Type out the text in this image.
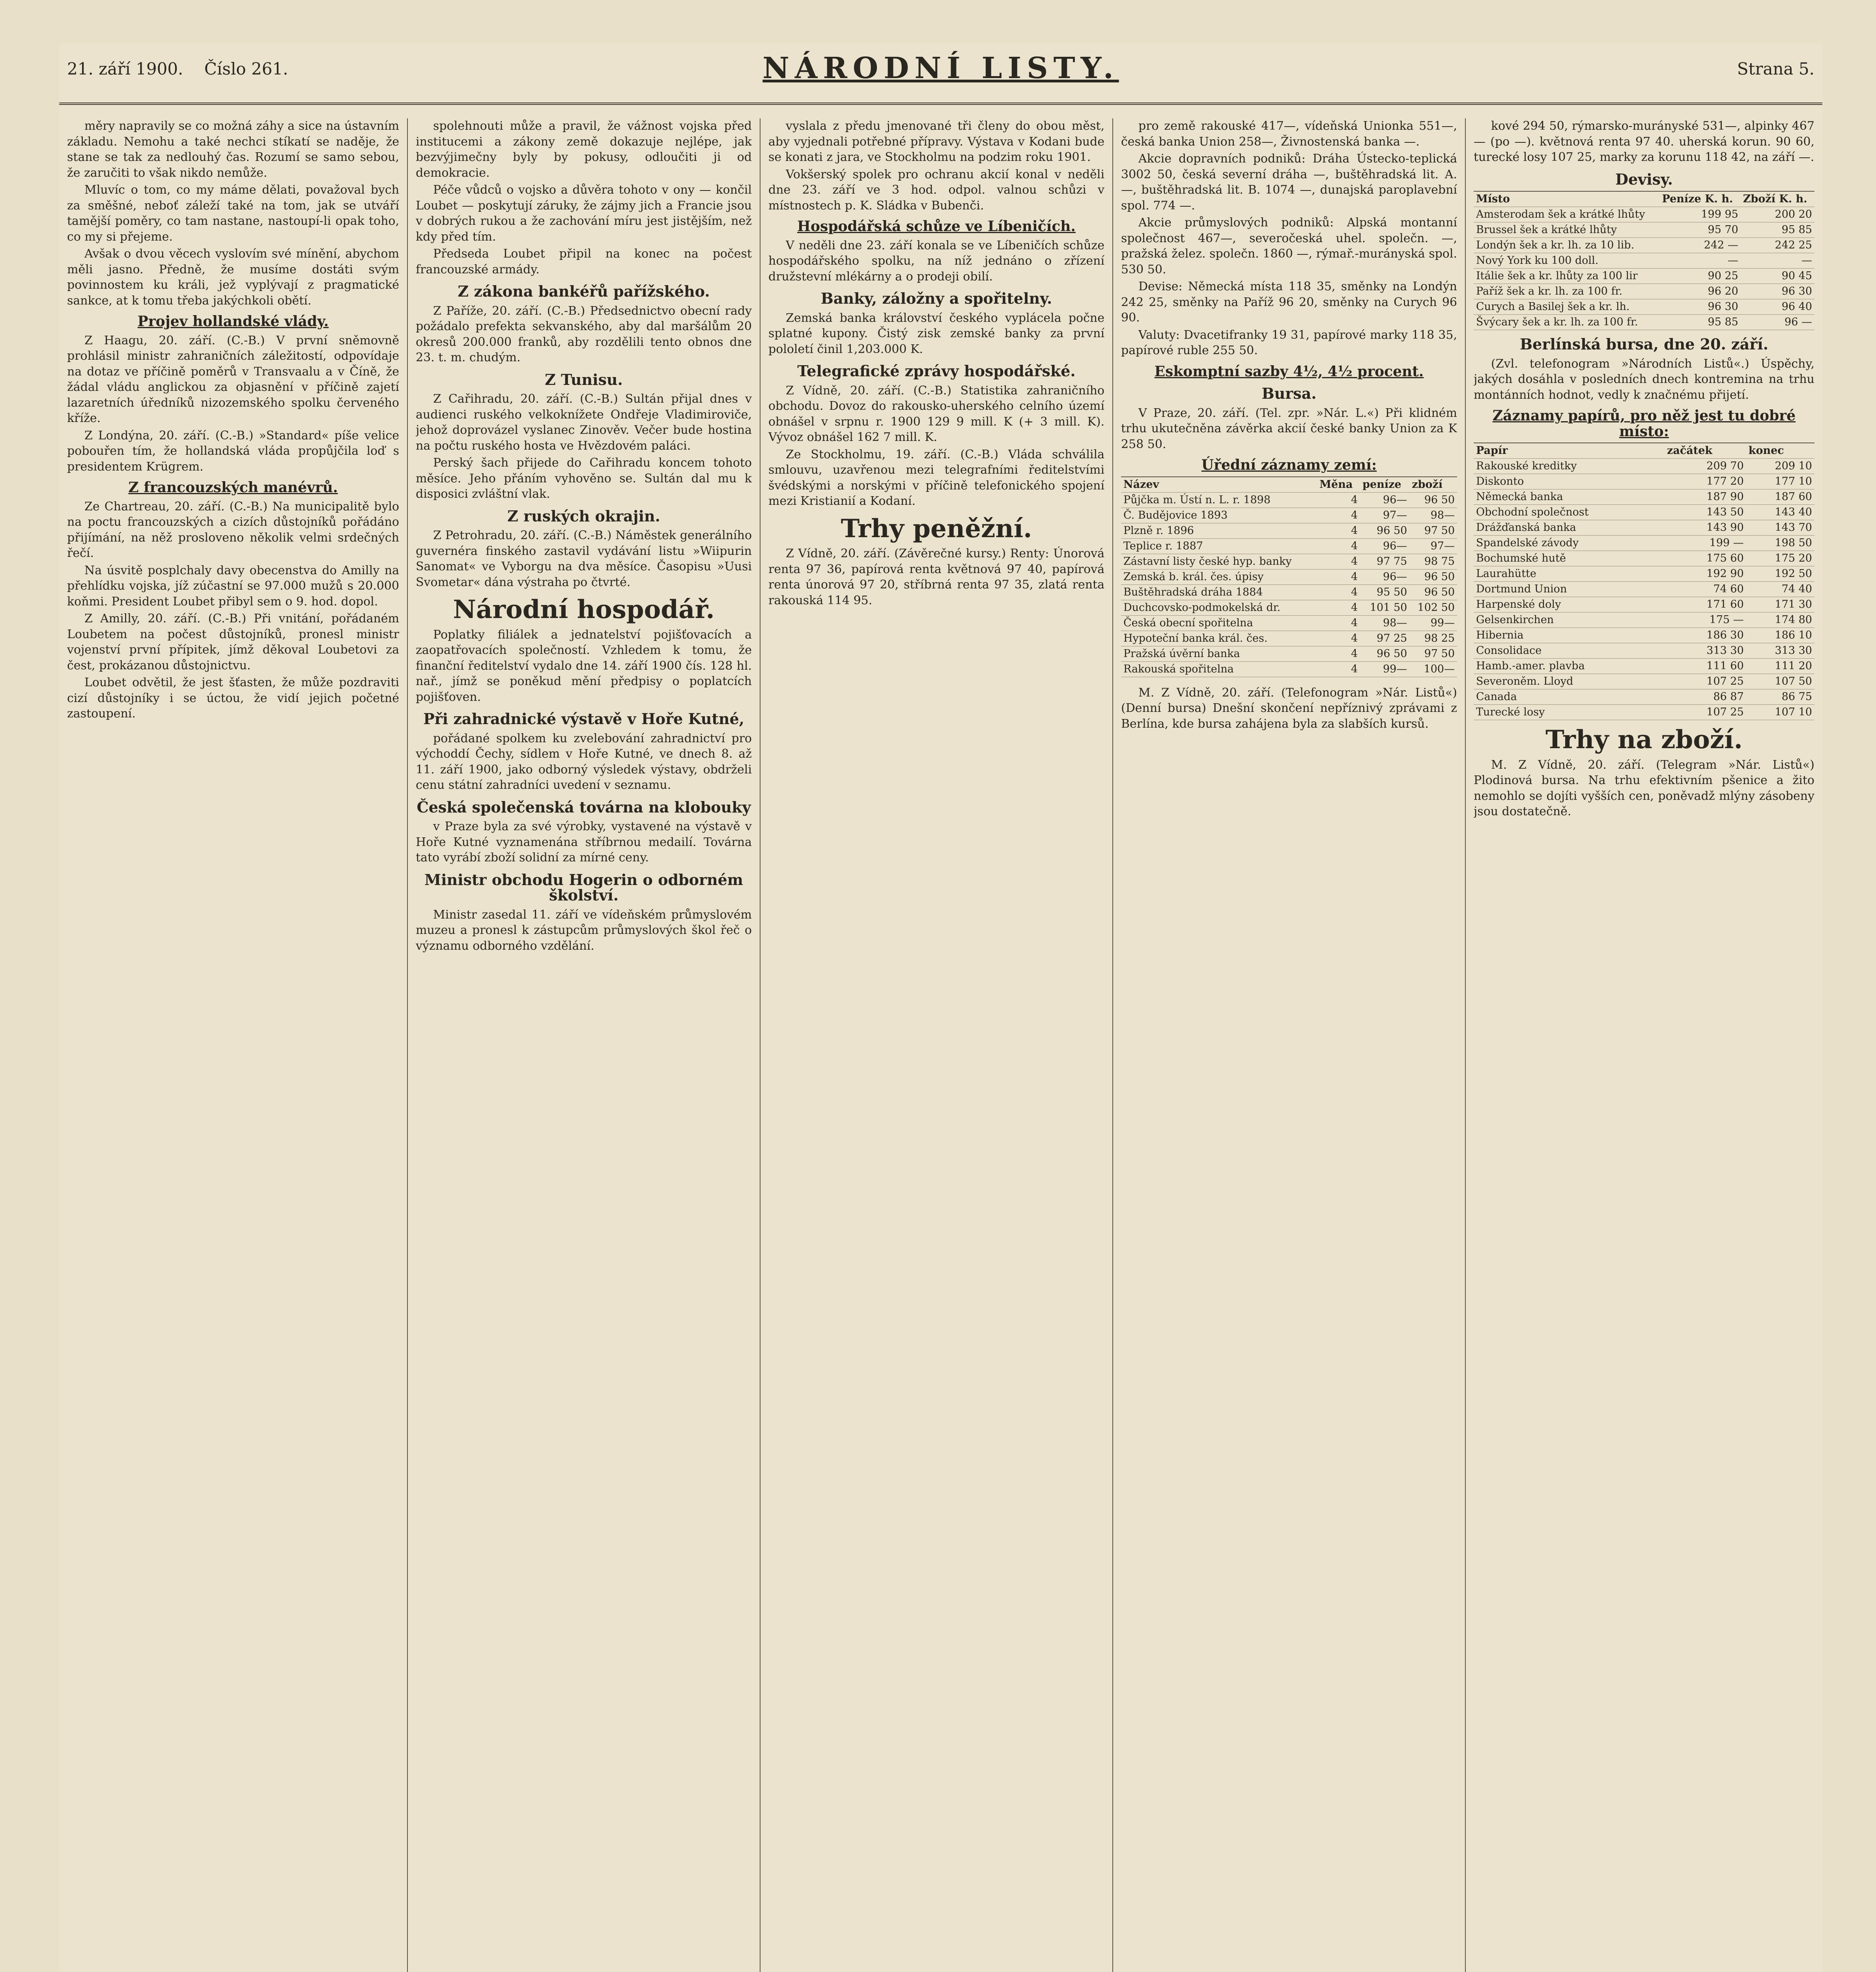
21. září 1900. Číslo 261.	NÁRODNÍ LISTY.	Strana 5.

měry napravily se co možná záhy a sice na ústavním základu. Nemohu a také nechci stíkatí se naděje, že stane se tak za nedlouhý čas. Rozumí se samo sebou, že zaručiti to však nikdo nemůže.

Mluvíc o tom, co my máme dělati, považoval bych za směšné, neboť záleží také na tom, jak se utváří tamější poměry, co tam nastane, nastoupí-li opak toho, co my si přejeme.

Avšak o dvou věcech vyslovím své mínění, abychom měli jasno. Předně, že musíme dostáti svým povinnostem ku králi, jež vyplývají z pragmatické sankce, at k tomu třeba jakýchkoli obětí.

Projev hollandské vlády.

Z Haagu, 20. září. (C.-B.) V první sněmovně prohlásil ministr zahraničních záležitostí, odpovídaje na dotaz ve příčině poměrů v Transvaalu a v Číně, že žádal vládu anglickou za objasnění v příčině zajetí lazaretních úředníků nizozemského spolku červeného kříže.

Z Londýna, 20. září. (C.-B.) »Standard« píše velice pobouřen tím, že hollandská vláda propůjčila loď s presidentem Krügrem.

Z francouzských manévrů.

Ze Chartreau, 20. září. (C.-B.) Na municipalitě bylo na poctu francouzských a cizích důstojníků pořádáno přijímání, na něž prosloveno několik velmi srdečných řečí.

Na úsvitě posplchaly davy obecenstva do Amilly na přehlídku vojska, jíž zúčastní se 97.000 mužů s 20.000 koňmi. President Loubet přibyl sem o 9. hod. dopol.

Z Amilly, 20. září. (C.-B.) Při vnitání, pořádaném Loubetem na počest důstojníků, pronesl ministr vojenství první přípitek, jímž děkoval Loubetovi za čest, prokázanou důstojnictvu.

Loubet odvětil, že jest šťasten, že může pozdraviti cizí důstojníky i se úctou, že vidí jejich početné zastoupení.

spolehnouti může a pravil, že vážnost vojska před institucemi a zákony země dokazuje nejlépe, jak bezvýjimečny byly by pokusy, odloučiti ji od demokracie.

Péče vůdců o vojsko a důvěra tohoto v ony — končil Loubet — poskytují záruky, že zájmy jich a Francie jsou v dobrých rukou a že zachování míru jest jistějším, než kdy před tím.

Předseda Loubet připil na konec na počest francouzské armády.

Z zákona bankéřů pařížského.

Z Paříže, 20. září. (C.-B.) Předsednictvo obecní rady požádalo prefekta sekvanského, aby dal maršálům 20 okresů 200.000 franků, aby rozdělili tento obnos dne 23. t. m. chudým.

Z Tunisu.

Z Cařihradu, 20. září. (C.-B.) Sultán přijal dnes v audienci ruského velkoknížete Ondřeje Vladimiroviče, jehož doprovázel vyslanec Zinověv. Večer bude hostina na počtu ruského hosta ve Hvězdovém paláci.

Perský šach přijede do Cařihradu koncem tohoto měsíce. Jeho přáním vyhověno se. Sultán dal mu k disposici zvláštní vlak.

Z ruských okrajin.

Z Petrohradu, 20. září. (C.-B.) Náměstek generálního guvernéra finského zastavil vydávání listu »Wiipurin Sanomat« ve Vyborgu na dva měsíce. Časopisu »Uusi Svometar« dána výstraha po čtvrté.

Národní hospodář.

Poplatky filiálek a jednatelství pojišťovacích a zaopatřovacích společností. Vzhledem k tomu, že finanční ředitelství vydalo dne 14. září 1900 čís. 128 hl. nař., jímž se poněkud mění předpisy o poplatcích pojišťoven.

Při zahradnické výstavě v Hoře Kutné,

pořádané spolkem ku zvelebování zahradnictví pro východdí Čechy, sídlem v Hoře Kutné, ve dnech 8. až 11. září 1900, jako odborný výsledek výstavy, obdrželi cenu státní zahradníci uvedení v seznamu.

Česká společenská továrna na klobouky

v Praze byla za své výrobky, vystavené na výstavě v Hoře Kutné vyznamenána stříbrnou medailí. Továrna tato vyrábí zboží solidní za mírné ceny.

Ministr obchodu Hogerin o odborném školství.

Ministr zasedal 11. září ve vídeňském průmyslovém muzeu a pronesl k zástupcům průmyslových škol řeč o významu odborného vzdělání.

vyslala z předu jmenované tři členy do obou měst, aby vyjednali potřebné přípravy. Výstava v Kodani bude se konati z jara, ve Stockholmu na podzim roku 1901.

Vokšerský spolek pro ochranu akcií konal v neděli dne 23. září ve 3 hod. odpol. valnou schůzi v místnostech p. K. Sládka v Bubenči.

Hospodářská schůze ve Líbeničích.

V neděli dne 23. září konala se ve Líbeničích schůze hospodářského spolku, na níž jednáno o zřízení družstevní mlékárny a o prodeji obilí.

Banky, záložny a spořitelny.

Zemská banka království českého vyplácela počne splatné kupony. Čistý zisk zemské banky za první pololetí činil 1,203.000 K.

Telegrafické zprávy hospodářské.

Z Vídně, 20. září. (C.-B.) Statistika zahraničního obchodu. Dovoz do rakousko-uherského celního území obnášel v srpnu r. 1900 129 9 mill. K (+ 3 mill. K). Vývoz obnášel 162 7 mill. K.

Ze Stockholmu, 19. září. (C.-B.) Vláda schválila smlouvu, uzavřenou mezi telegrafními ředitelstvími švédskými a norskými v příčině telefonického spojení mezi Kristianií a Kodaní.

Trhy peněžní.

Z Vídně, 20. září. (Závěrečné kursy.) Renty: Únorová renta 97 36, papírová renta květnová 97 40, papírová renta únorová 97 20, stříbrná renta 97 35, zlatá renta rakouská 114 95.

pro země rakouské 417—, vídeňská Unionka 551—, česká banka Union 258—, Živnostenská banka —.

Akcie dopravních podniků: Dráha Ústecko-teplická 3002 50, česká severní dráha —, buštěhradská lit. A. —, buštěhradská lit. B. 1074 —, dunajská paroplavební spol. 774 —.

Akcie průmyslových podniků: Alpská montanní společnost 467—, severočeská uhel. společn. —, pražská želez. společn. 1860 —, rýmař.-murányská spol. 530 50.

Devise: Německá místa 118 35, směnky na Londýn 242 25, směnky na Paříž 96 20, směnky na Curych 96 90.

Valuty: Dvacetifranky 19 31, papírové marky 118 35, papírové ruble 255 50.

Eskomptní sazby 4½, 4½ procent.
Bursa.

V Praze, 20. září. (Tel. zpr. »Nár. L.«) Při klidném trhu ukutečněna závěrka akcií české banky Union za K 258 50.

Úřední záznamy zemí:
Název	Měna	peníze	zboží
Půjčka m. Ústí n. L. r. 1898	4	96—	96 50
Č. Budějovice 1893	4	97—	98—
Plzně r. 1896	4	96 50	97 50
Teplice r. 1887	4	96—	97—
Zástavní listy české hyp. banky	4	97 75	98 75
Zemská b. král. čes. úpisy	4	96—	96 50
Buštěhradská dráha 1884	4	95 50	96 50
Duchcovsko-podmokelská dr.	4	101 50	102 50
Česká obecní spořitelna	4	98—	99—
Hypoteční banka král. čes.	4	97 25	98 25
Pražská úvěrní banka	4	96 50	97 50
Rakouská spořitelna	4	99—	100—

M. Z Vídně, 20. září. (Telefonogram »Nár. Listů«) (Denní bursa) Dnešní skončení nepříznivý zprávami z Berlína, kde bursa zahájena byla za slabších kursů.

kové 294 50, rýmarsko-murányské 531—, alpinky 467— (po —). květnová renta 97 40. uherská korun. 90 60, turecké losy 107 25, marky za korunu 118 42, na září —.

Devisy.
Místo	Peníze K. h.	Zboží K. h.
Amsterodam šek a krátké lhůty	199 95	200 20
Brussel šek a krátké lhůty	95 70	95 85
Londýn šek a kr. lh. za 10 lib.	242 —	242 25
Nový York ku 100 doll.	—	—
Itálie šek a kr. lhůty za 100 lir	90 25	90 45
Paříž šek a kr. lh. za 100 fr.	96 20	96 30
Curych a Basilej šek a kr. lh.	96 30	96 40
Švýcary šek a kr. lh. za 100 fr.	95 85	96 —
Berlínská bursa, dne 20. září.

(Zvl. telefonogram »Národních Listů«.) Úspěchy, jakých dosáhla v posledních dnech kontremina na trhu montánních hodnot, vedly k značnému přijetí.

Záznamy papírů, pro něž jest tu dobré místo:
Papír	začátek	konec
Rakouské kreditky	209 70	209 10
Diskonto	177 20	177 10
Německá banka	187 90	187 60
Obchodní společnost	143 50	143 40
Drážďanská banka	143 90	143 70
Spandelské závody	199 —	198 50
Bochumské hutě	175 60	175 20
Laurahütte	192 90	192 50
Dortmund Union	74 60	74 40
Harpenské doly	171 60	171 30
Gelsenkirchen	175 —	174 80
Hibernia	186 30	186 10
Consolidace	313 30	313 30
Hamb.-amer. plavba	111 60	111 20
Severoněm. Lloyd	107 25	107 50
Canada	86 87	86 75
Turecké losy	107 25	107 10
Trhy na zboží.

M. Z Vídně, 20. září. (Telegram »Nár. Listů«) Plodinová bursa. Na trhu efektivním pšenice a žito nemohlo se dojíti vyšších cen, poněvadž mlýny zásobeny jsou dostatečně.
